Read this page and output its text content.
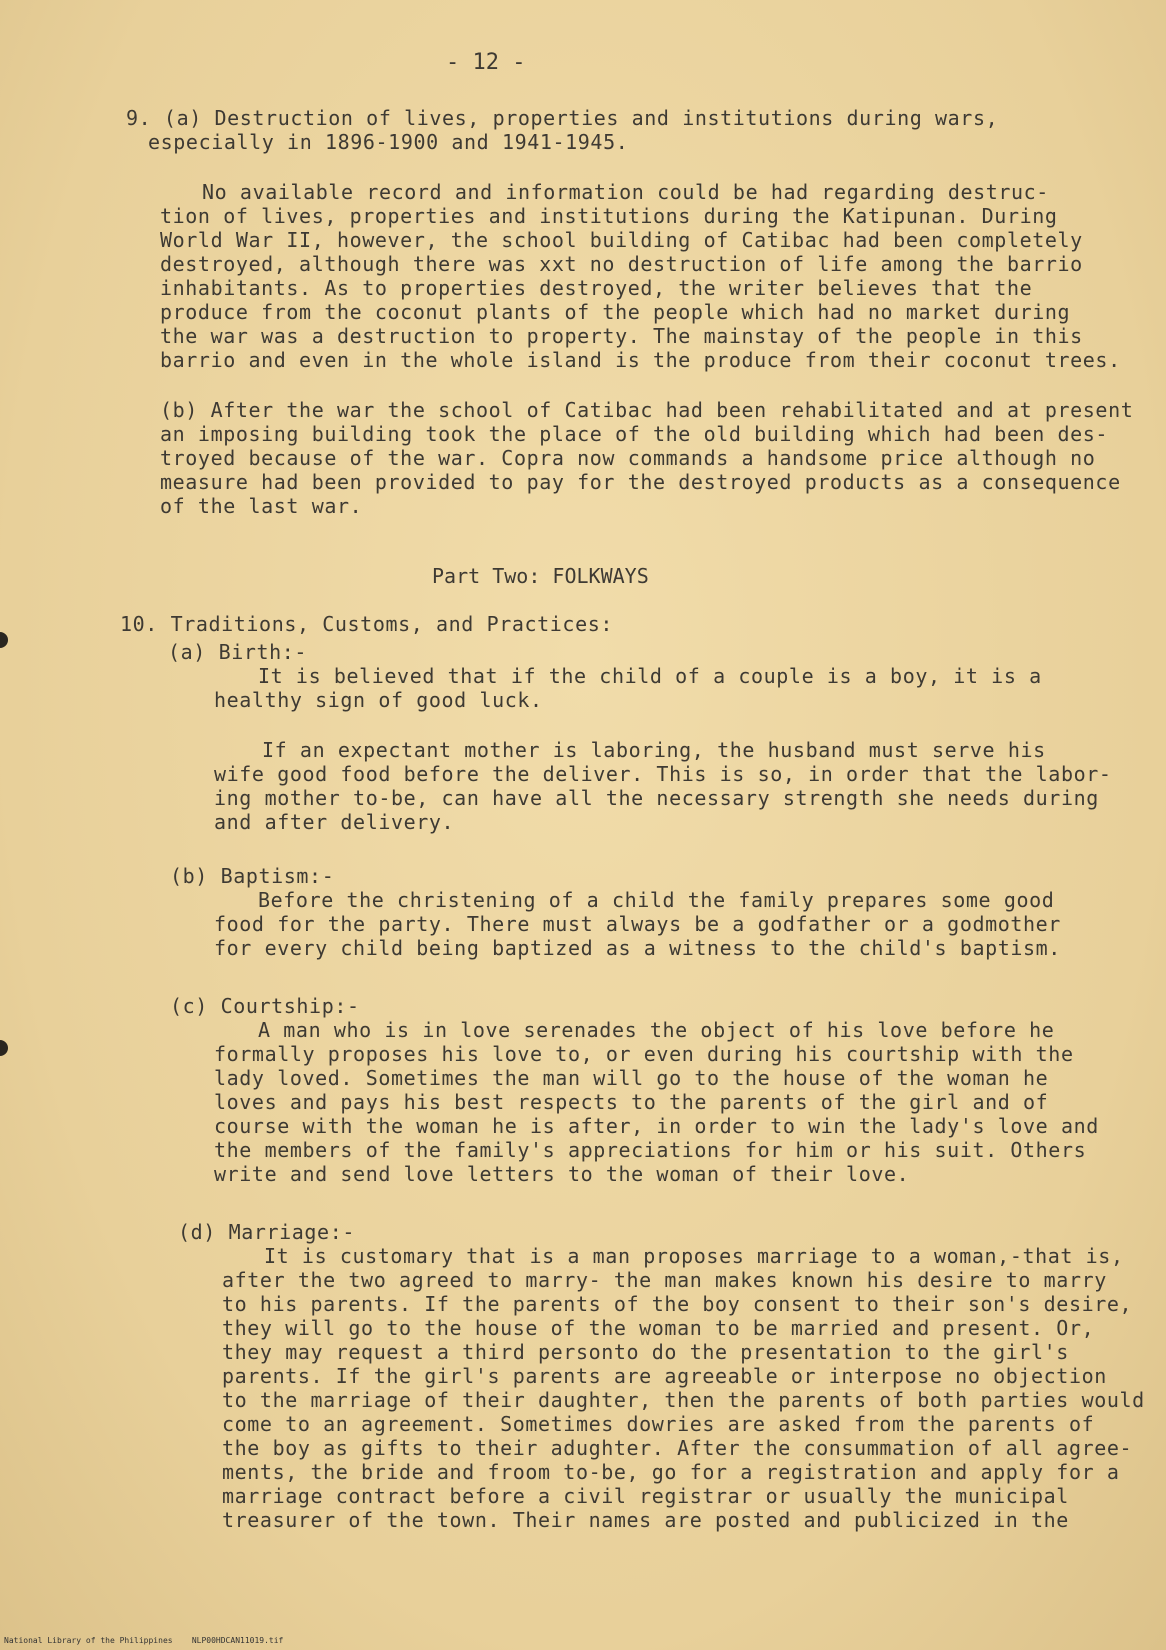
- 12 -
9. (a) Destruction of lives, properties and institutions during wars,
especially in 1896-1900 and 1941-1945.
No available record and information could be had regarding destruc-
tion of lives, properties and institutions during the Katipunan. During
World War II, however, the school building of Catibac had been completely
destroyed, although there was xxt no destruction of life among the barrio
inhabitants. As to properties destroyed, the writer believes that the
produce from the coconut plants of the people which had no market during
the war was a destruction to property. The mainstay of the people in this
barrio and even in the whole island is the produce from their coconut trees.
(b) After the war the school of Catibac had been rehabilitated and at present
an imposing building took the place of the old building which had been des-
troyed because of the war. Copra now commands a handsome price although no
measure had been provided to pay for the destroyed products as a consequence
of the last war.
Part Two: FOLKWAYS
10. Traditions, Customs, and Practices:
(a) Birth:-
It is believed that if the child of a couple is a boy, it is a
healthy sign of good luck.
If an expectant mother is laboring, the husband must serve his
wife good food before the deliver. This is so, in order that the labor-
ing mother to-be, can have all the necessary strength she needs during
and after delivery.
(b) Baptism:-
Before the christening of a child the family prepares some good
food for the party. There must always be a godfather or a godmother
for every child being baptized as a witness to the child's baptism.
(c) Courtship:-
A man who is in love serenades the object of his love before he
formally proposes his love to, or even during his courtship with the
lady loved. Sometimes the man will go to the house of the woman he
loves and pays his best respects to the parents of the girl and of
course with the woman he is after, in order to win the lady's love and
the members of the family's appreciations for him or his suit. Others
write and send love letters to the woman of their love.
(d) Marriage:-
It is customary that is a man proposes marriage to a woman,-that is,
after the two agreed to marry- the man makes known his desire to marry
to his parents. If the parents of the boy consent to their son's desire,
they will go to the house of the woman to be married and present. Or,
they may request a third personto do the presentation to the girl's
parents. If the girl's parents are agreeable or interpose no objection
to the marriage of their daughter, then the parents of both parties would
come to an agreement. Sometimes dowries are asked from the parents of
the boy as gifts to their adughter. After the consummation of all agree-
ments, the bride and froom to-be, go for a registration and apply for a
marriage contract before a civil registrar or usually the municipal
treasurer of the town. Their names are posted and publicized in the
National Library of the Philippines    NLP00HDCAN11019.tif
